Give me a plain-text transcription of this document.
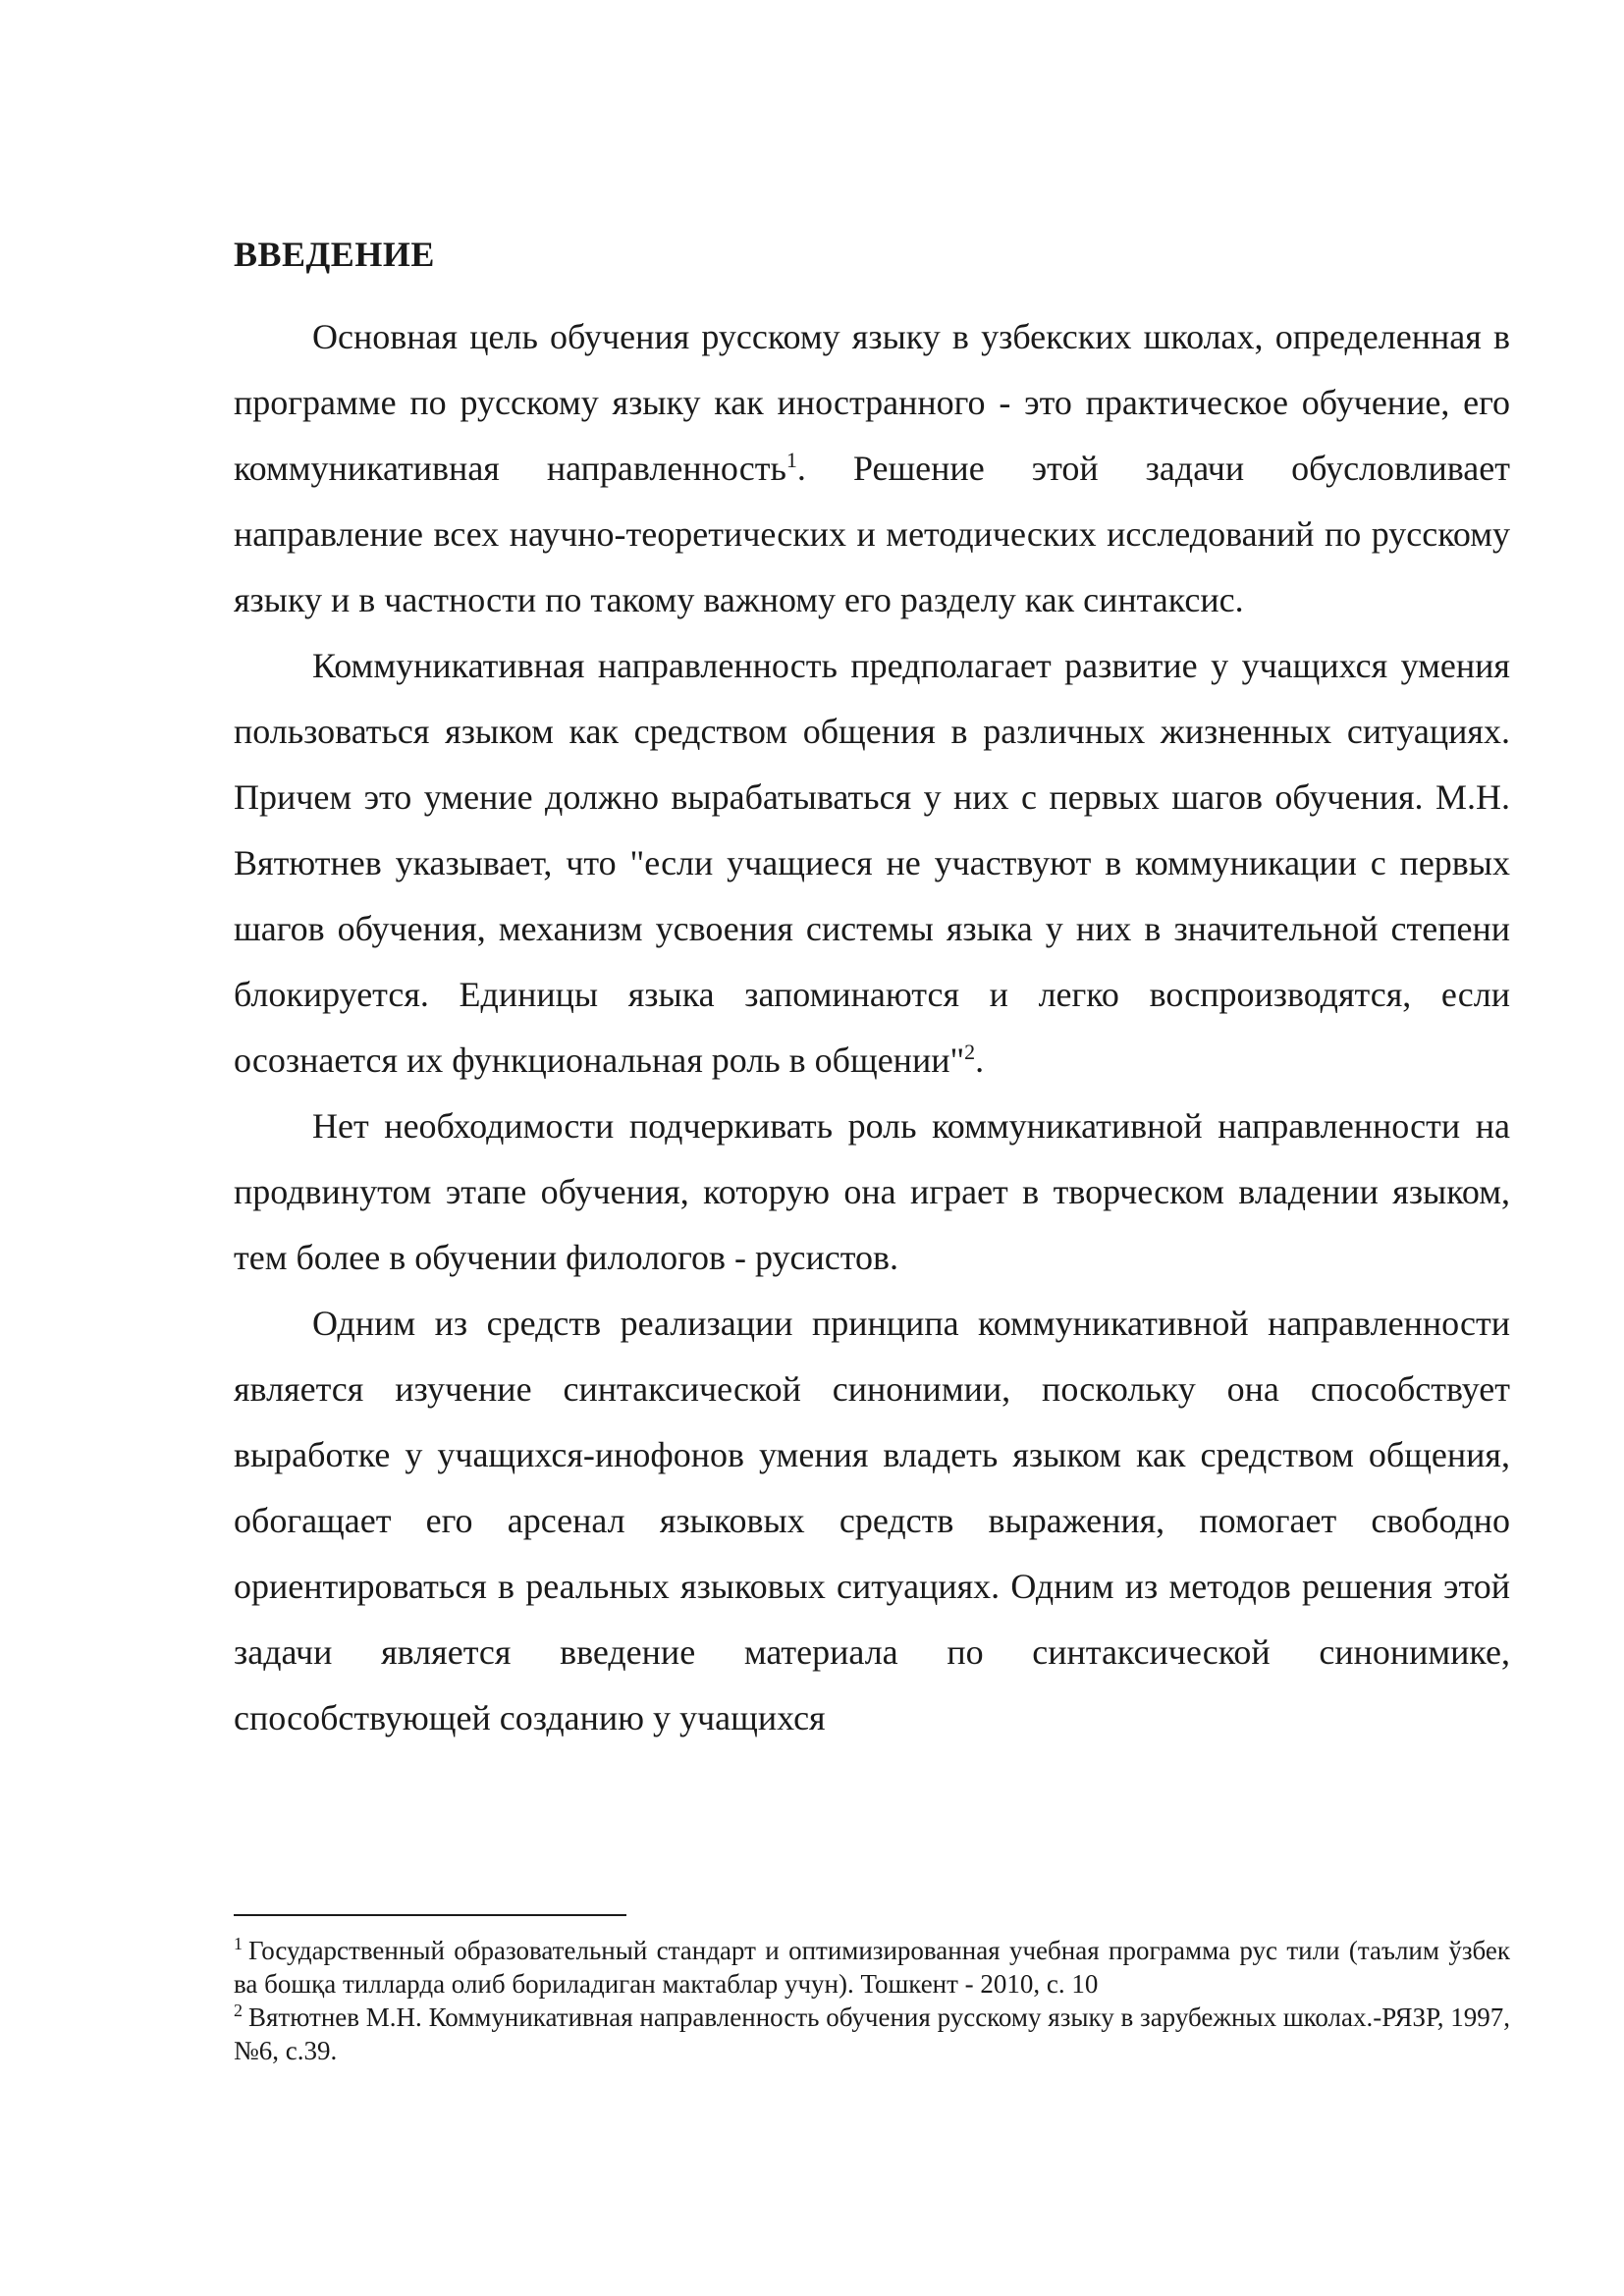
ВВЕДЕНИЕ

Основная цель обучения русскому языку в узбекских школах, определенная в программе по русскому языку как иностранного - это практическое обучение, его коммуникативная направленность$^1$. Решение этой задачи обусловливает направление всех научно-теоретических и методических исследований по русскому языку и в частности по такому важному его разделу как синтаксис.

Коммуникативная направленность предполагает развитие у учащихся умения пользоваться языком как средством общения в различных жизненных ситуациях. Причем это умение должно вырабатываться у них с первых шагов обучения. М.Н. Вятютнев указывает, что "если учащиеся не участвуют в коммуникации с первых шагов обучения, механизм усвоения системы языка у них в значительной степени блокируется. Единицы языка запоминаются и легко воспроизводятся, если осознается их функциональная роль в общении"$^2$.

Нет необходимости подчеркивать роль коммуникативной направленности на продвинутом этапе обучения, которую она играет в творческом владении языком, тем более в обучении филологов - русистов.

Одним из средств реализации принципа коммуникативной направленности является изучение синтаксической синонимии, поскольку она способствует выработке у учащихся-инофонов умения владеть языком как средством общения, обогащает его арсенал языковых средств выражения, помогает свободно ориентироваться в реальных языковых ситуациях. Одним из методов решения этой задачи является введение материала по синтаксической синонимике, способствующей созданию у учащихся

$^1$ Государственный образовательный стандарт и оптимизированная учебная программа рус тили (таълим ўзбек ва бошқа тилларда олиб бориладиган мактаблар учун). Тошкент - 2010, с. 10

$^2$ Вятютнев М.Н. Коммуникативная направленность обучения русскому языку в зарубежных школах.-РЯЗР, 1997, №6, с.39.
